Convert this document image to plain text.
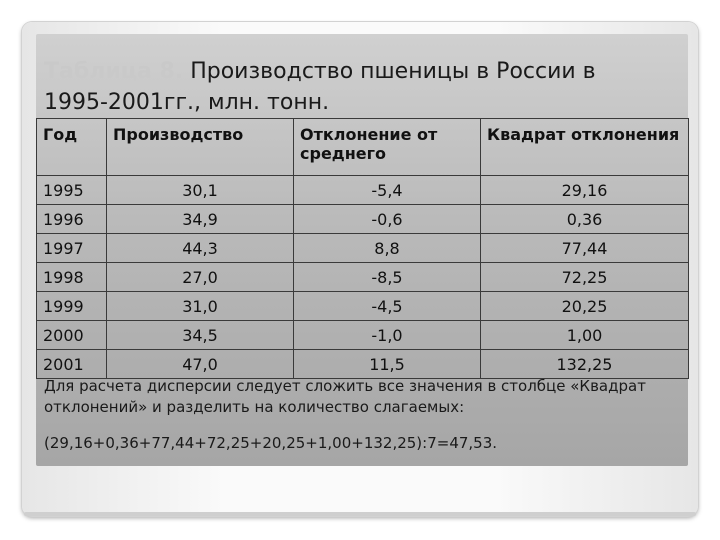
Таблица 8. Производство пшеницы в России в
1995-2001гг., млн. тонн.
Год	Производство	Отклонение от среднего	Квадрат отклонения
1995	30,1	-5,4	29,16
1996	34,9	-0,6	0,36
1997	44,3	8,8	77,44
1998	27,0	-8,5	72,25
1999	31,0	-4,5	20,25
2000	34,5	-1,0	1,00
2001	47,0	11,5	132,25
Для расчета дисперсии следует сложить все значения в столбце «Квадрат отклонений» и разделить на количество слагаемых:
(29,16+0,36+77,44+72,25+20,25+1,00+132,25):7=47,53.
